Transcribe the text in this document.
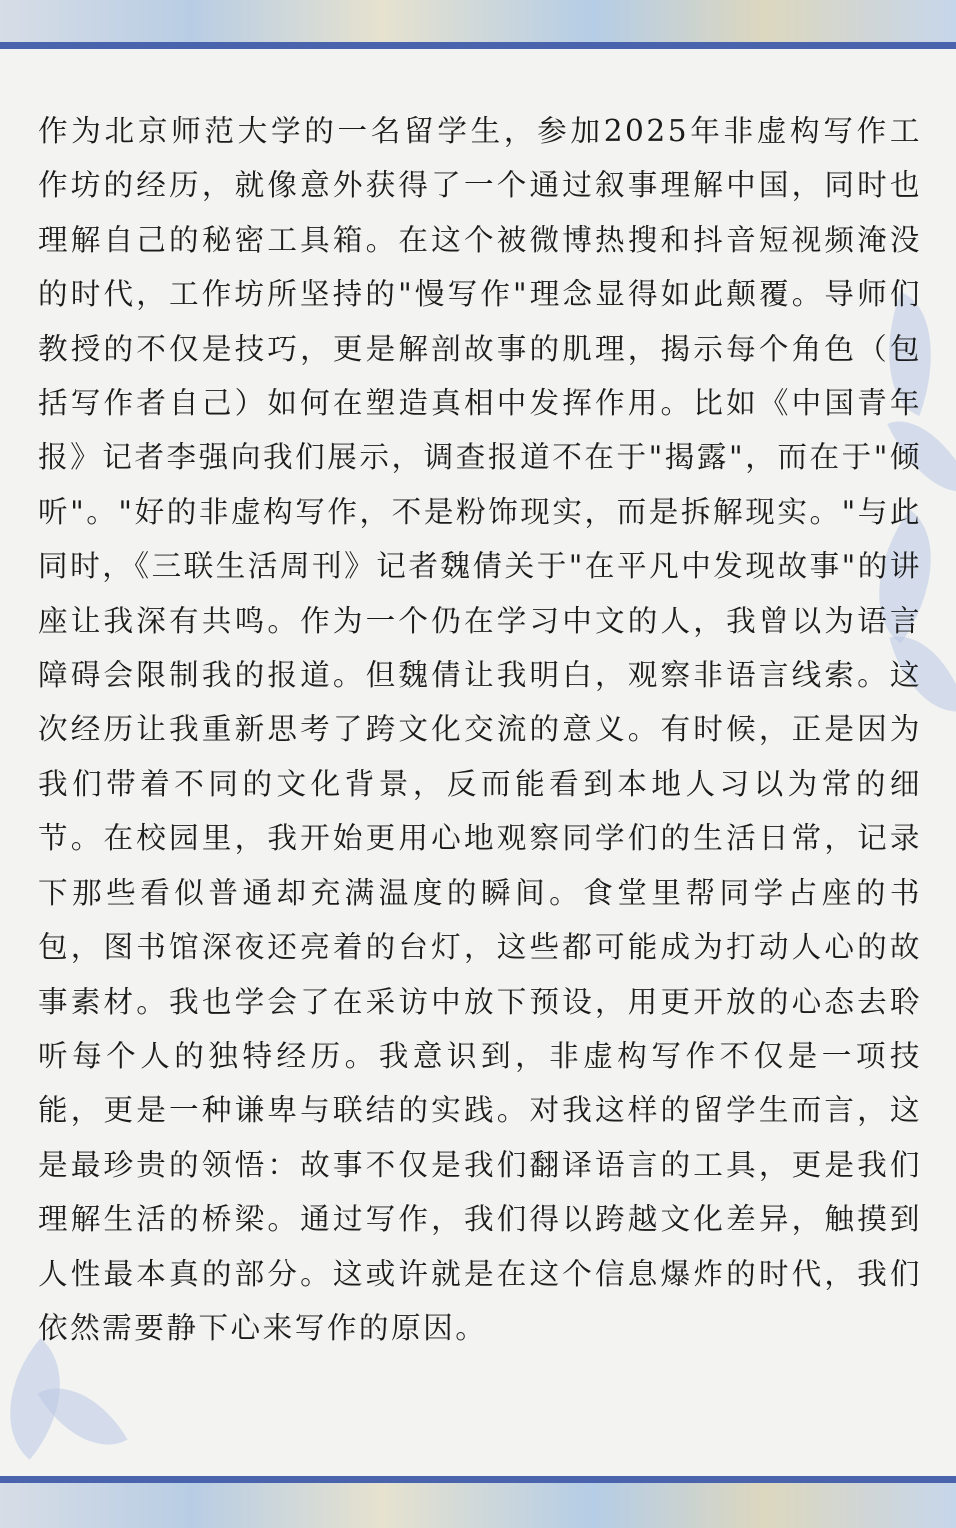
作为北京师范大学的一名留学生，参加2025年非虚构写作工作坊的经历，就像意外获得了一个通过叙事理解中国，同时也理解自己的秘密工具箱。在这个被微博热搜和抖音短视频淹没的时代，工作坊所坚持的"慢写作"理念显得如此颠覆。导师们教授的不仅是技巧，更是解剖故事的肌理，揭示每个角色（包括写作者自己）如何在塑造真相中发挥作用。比如《中国青年报》记者李强向我们展示，调查报道不在于"揭露"，而在于"倾听"。"好的非虚构写作，不是粉饰现实，而是拆解现实。"与此同时，《三联生活周刊》记者魏倩关于"在平凡中发现故事"的讲座让我深有共鸣。作为一个仍在学习中文的人，我曾以为语言障碍会限制我的报道。但魏倩让我明白，观察非语言线索。这次经历让我重新思考了跨文化交流的意义。有时候，正是因为我们带着不同的文化背景，反而能看到本地人习以为常的细节。在校园里，我开始更用心地观察同学们的生活日常，记录下那些看似普通却充满温度的瞬间。食堂里帮同学占座的书包，图书馆深夜还亮着的台灯，这些都可能成为打动人心的故事素材。我也学会了在采访中放下预设，用更开放的心态去聆听每个人的独特经历。我意识到，非虚构写作不仅是一项技能，更是一种谦卑与联结的实践。对我这样的留学生而言，这是最珍贵的领悟：故事不仅是我们翻译语言的工具，更是我们理解生活的桥梁。通过写作，我们得以跨越文化差异，触摸到人性最本真的部分。这或许就是在这个信息爆炸的时代，我们依然需要静下心来写作的原因。
